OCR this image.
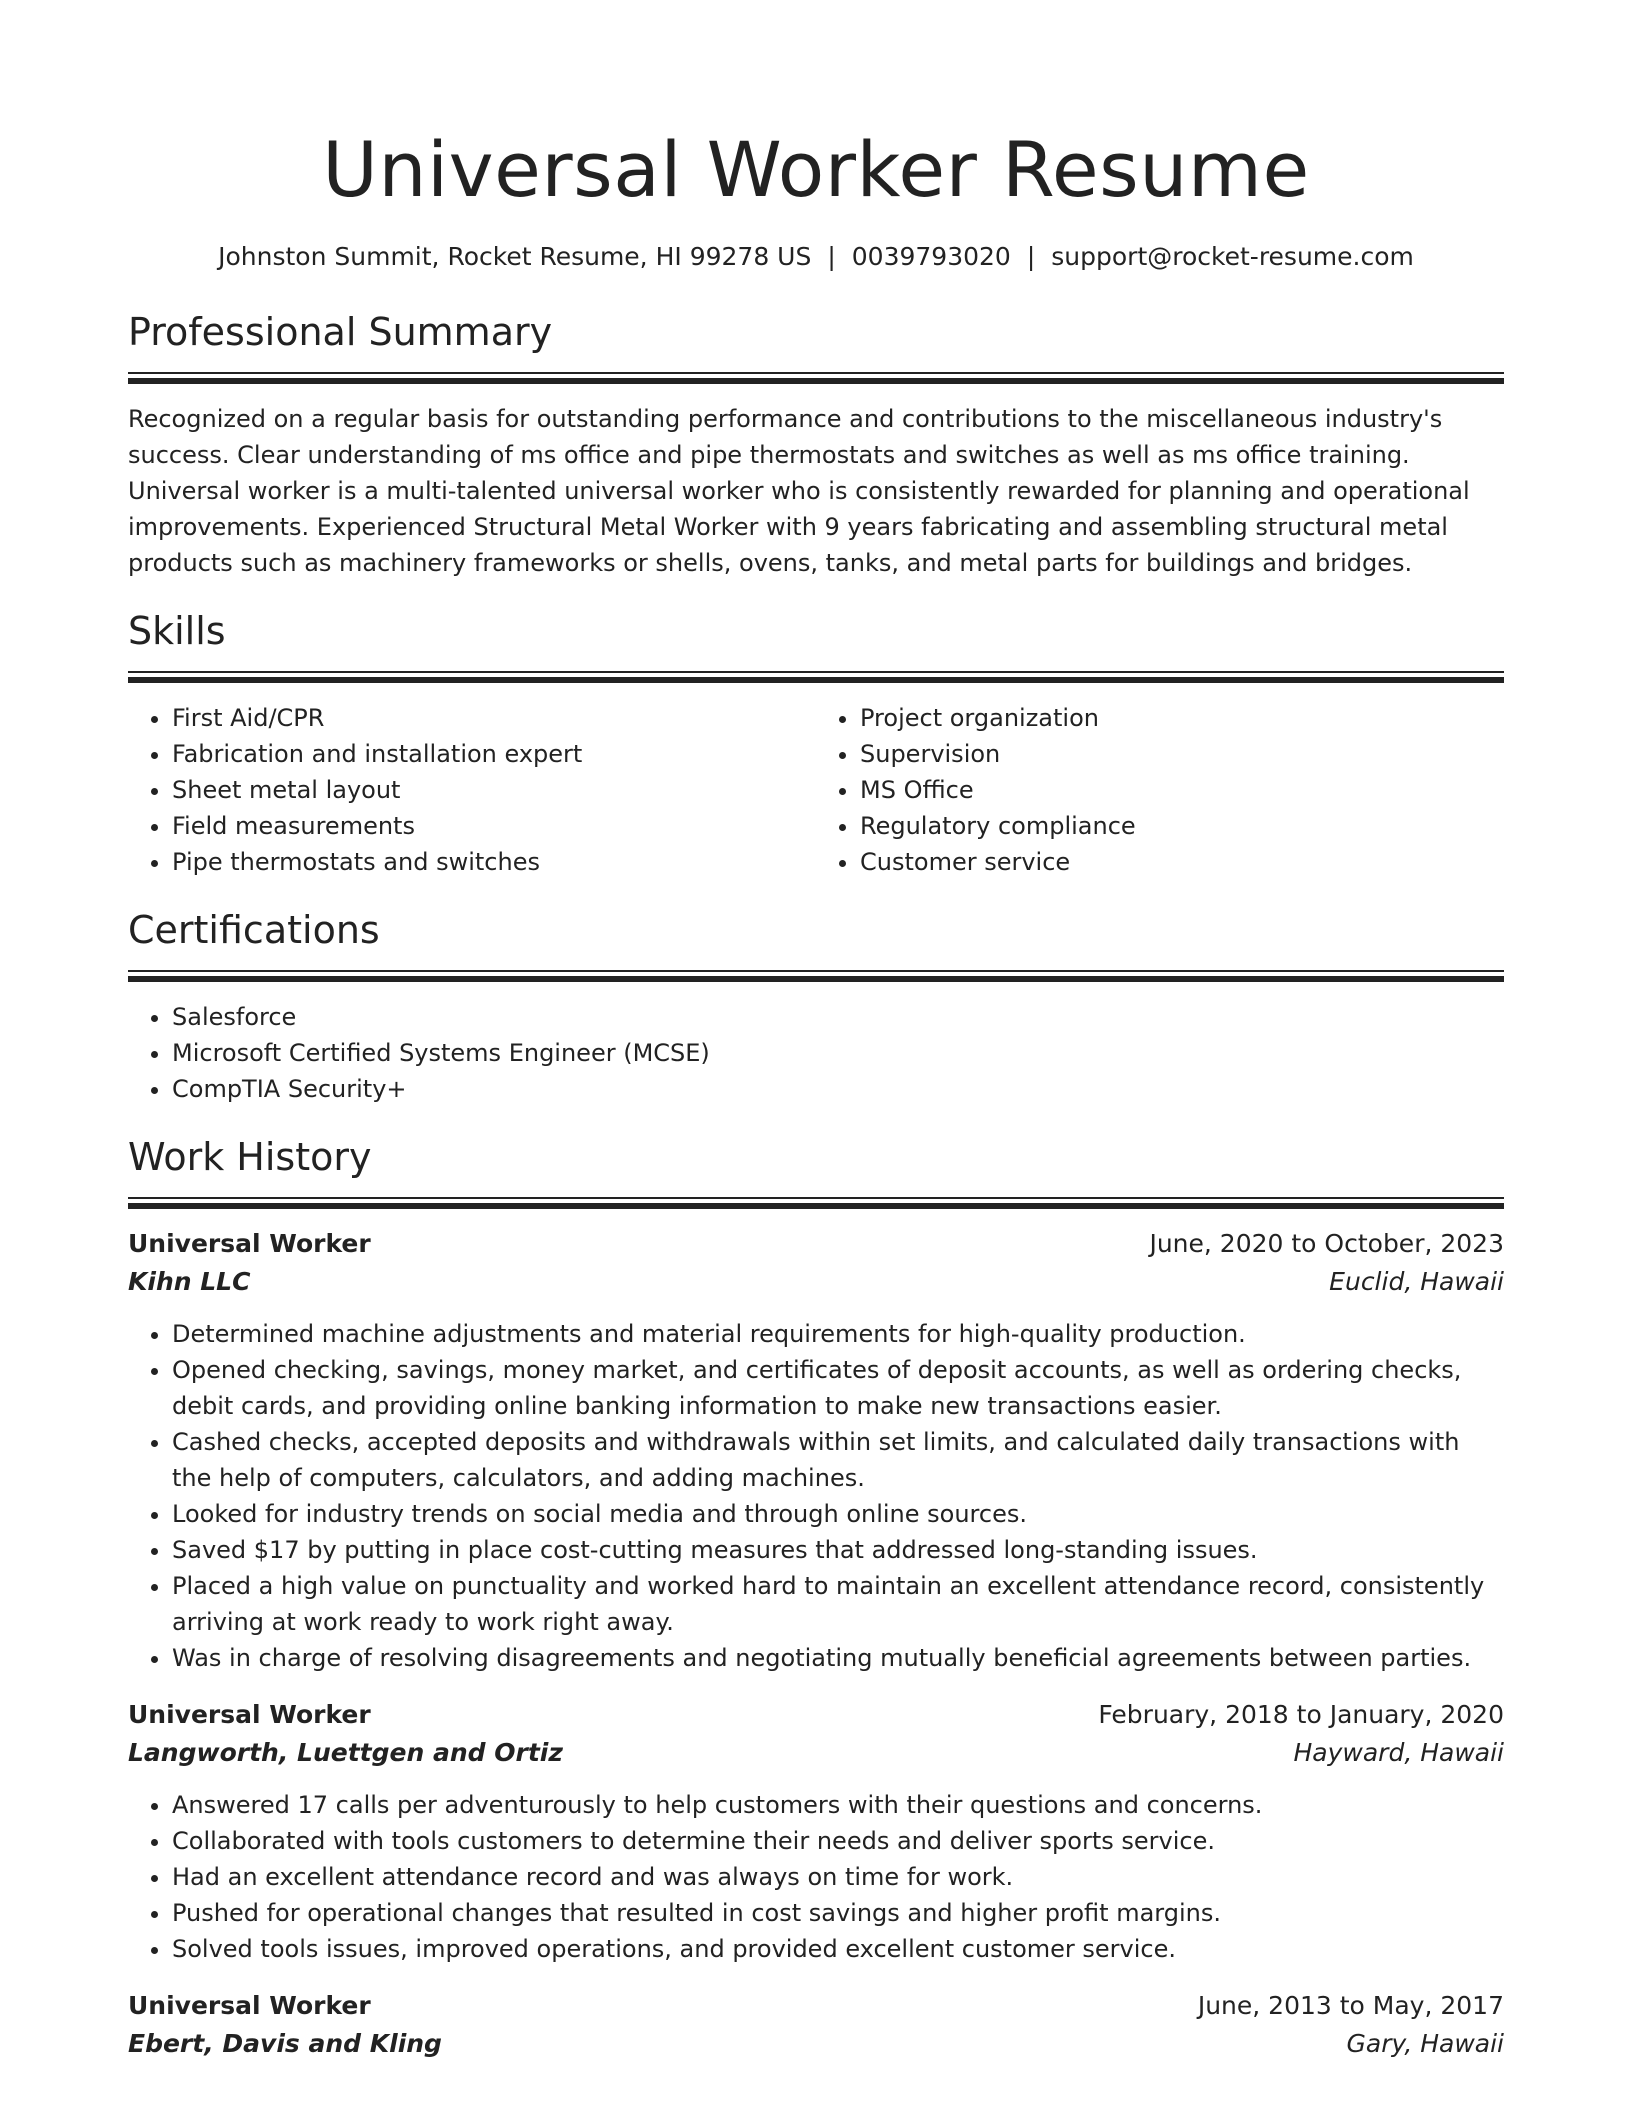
Universal Worker Resume
Johnston Summit, Rocket Resume, HI 99278 US | 0039793020 | support@rocket-resume.com
Professional Summary

Recognized on a regular basis for outstanding performance and contributions to the miscellaneous industry's success. Clear understanding of ms office and pipe thermostats and switches as well as ms office training. Universal worker is a multi-talented universal worker who is consistently rewarded for planning and operational improvements. Experienced Structural Metal Worker with 9 years fabricating and assembling structural metal products such as machinery frameworks or shells, ovens, tanks, and metal parts for buildings and bridges.

Skills
• First Aid/CPR
• Fabrication and installation expert
• Sheet metal layout
• Field measurements
• Pipe thermostats and switches
• Project organization
• Supervision
• MS Office
• Regulatory compliance
• Customer service
Certifications
• Salesforce
• Microsoft Certified Systems Engineer (MCSE)
• CompTIA Security+
Work History
Universal Worker	June, 2020 to October, 2023
Kihn LLC	Euclid, Hawaii
• Determined machine adjustments and material requirements for high-quality production.
• Opened checking, savings, money market, and certificates of deposit accounts, as well as ordering checks, debit cards, and providing online banking information to make new transactions easier.
• Cashed checks, accepted deposits and withdrawals within set limits, and calculated daily transactions with the help of computers, calculators, and adding machines.
• Looked for industry trends on social media and through online sources.
• Saved $17 by putting in place cost-cutting measures that addressed long-standing issues.
• Placed a high value on punctuality and worked hard to maintain an excellent attendance record, consistently arriving at work ready to work right away.
• Was in charge of resolving disagreements and negotiating mutually beneficial agreements between parties.
Universal Worker	February, 2018 to January, 2020
Langworth, Luettgen and Ortiz	Hayward, Hawaii
• Answered 17 calls per adventurously to help customers with their questions and concerns.
• Collaborated with tools customers to determine their needs and deliver sports service.
• Had an excellent attendance record and was always on time for work.
• Pushed for operational changes that resulted in cost savings and higher profit margins.
• Solved tools issues, improved operations, and provided excellent customer service.
Universal Worker	June, 2013 to May, 2017
Ebert, Davis and Kling	Gary, Hawaii
